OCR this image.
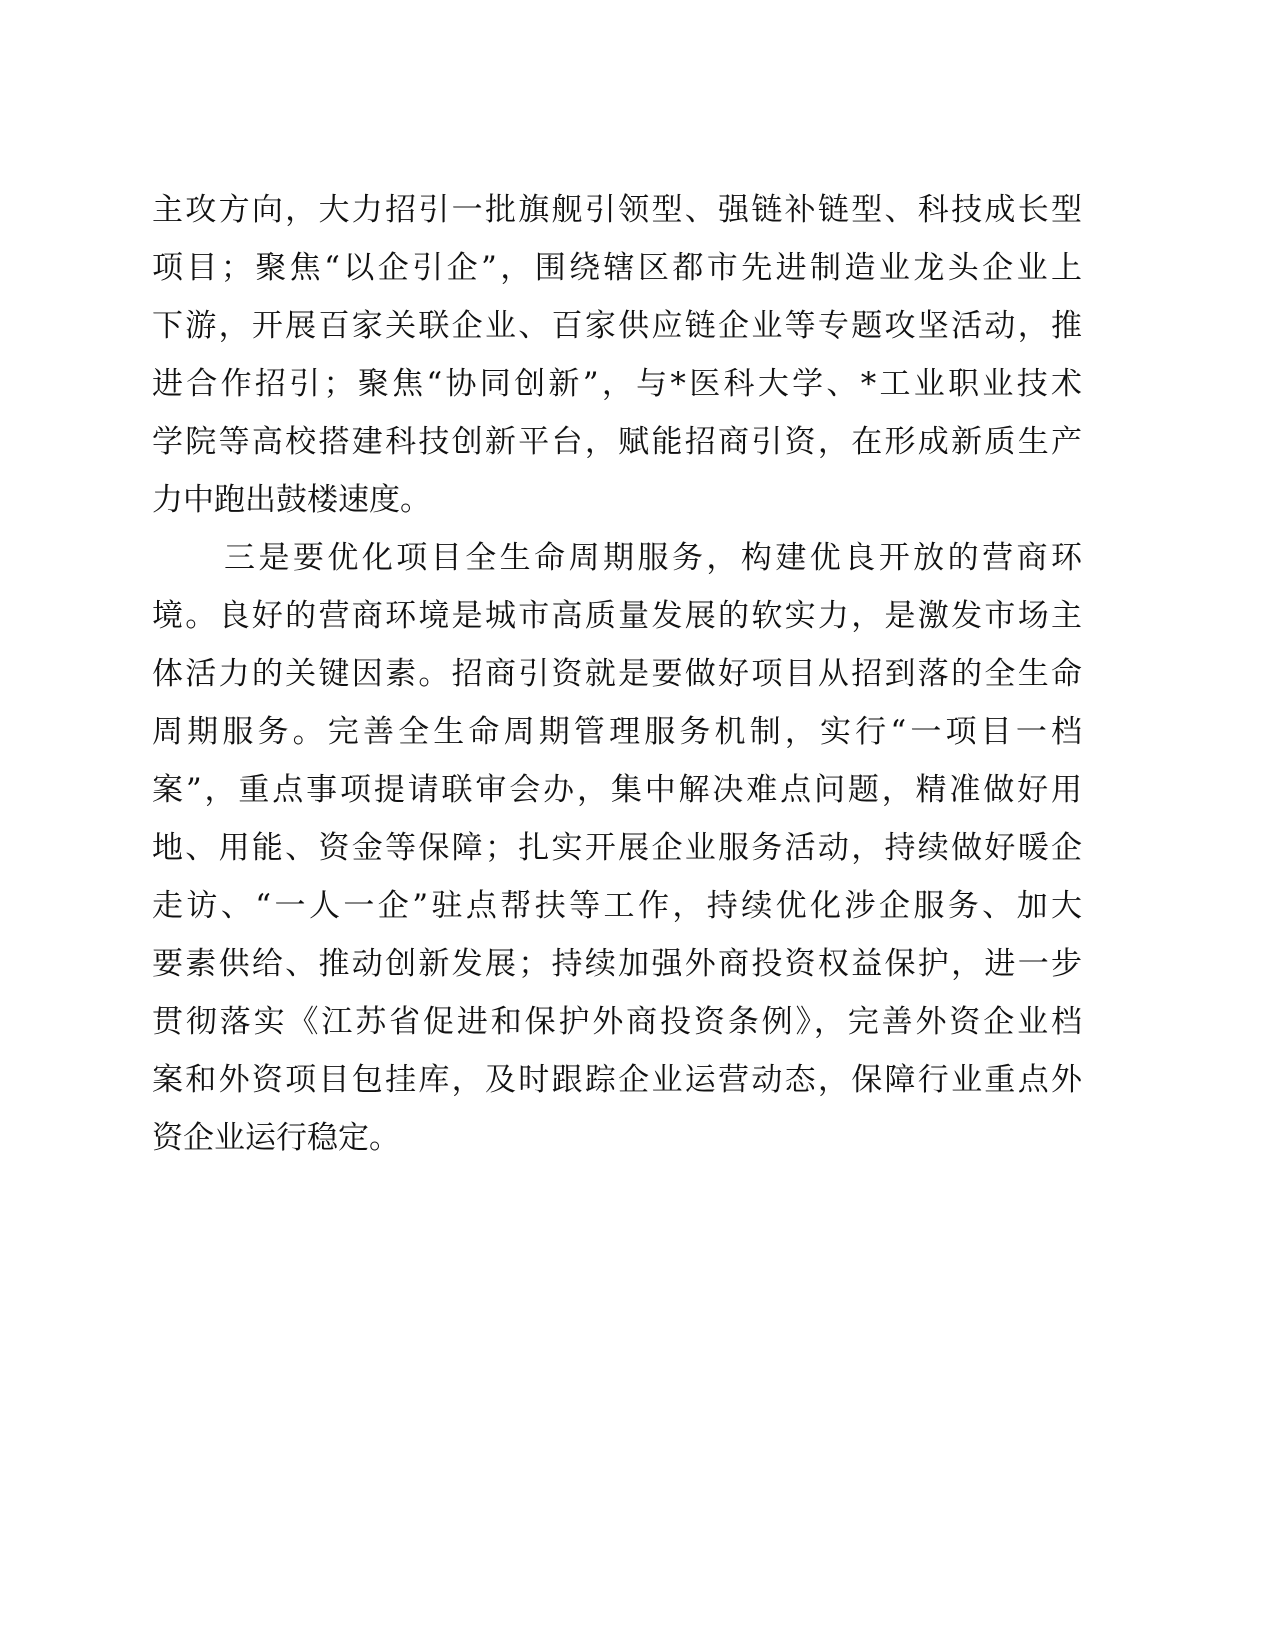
主攻方向，大力招引一批旗舰引领型、强链补链型、科技成长型
项目；聚焦“以企引企”，围绕辖区都市先进制造业龙头企业上
下游，开展百家关联企业、百家供应链企业等专题攻坚活动，推
进合作招引；聚焦“协同创新”，与*医科大学、*工业职业技术
学院等高校搭建科技创新平台，赋能招商引资，在形成新质生产
力中跑出鼓楼速度。
三是要优化项目全生命周期服务，构建优良开放的营商环
境。良好的营商环境是城市高质量发展的软实力，是激发市场主
体活力的关键因素。招商引资就是要做好项目从招到落的全生命
周期服务。完善全生命周期管理服务机制，实行“一项目一档
案”，重点事项提请联审会办，集中解决难点问题，精准做好用
地、用能、资金等保障；扎实开展企业服务活动，持续做好暖企
走访、“一人一企”驻点帮扶等工作，持续优化涉企服务、加大
要素供给、推动创新发展；持续加强外商投资权益保护，进一步
贯彻落实《江苏省促进和保护外商投资条例》，完善外资企业档
案和外资项目包挂库，及时跟踪企业运营动态，保障行业重点外
资企业运行稳定。
